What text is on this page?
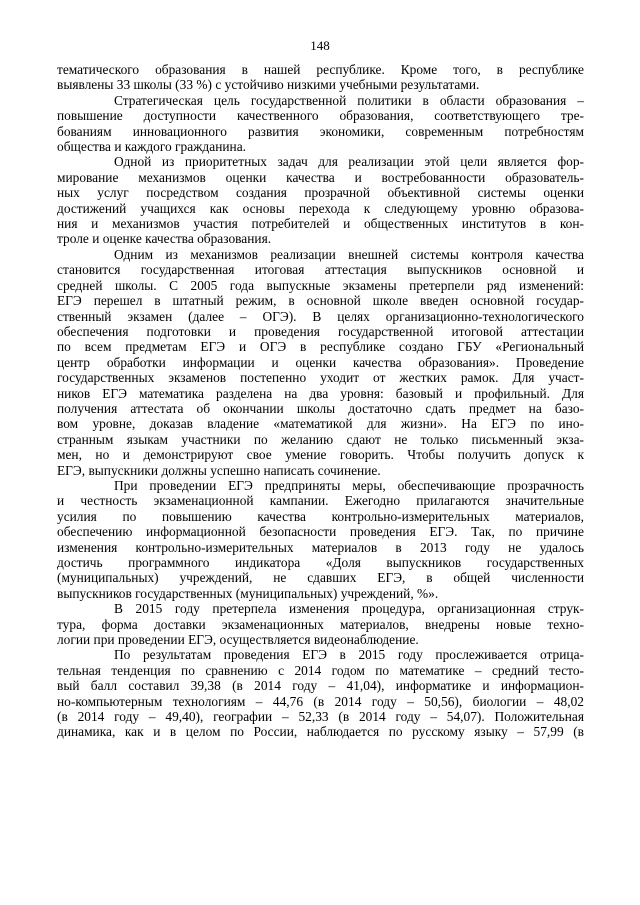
148

тематического образования в нашей республике. Кроме того, в республике
выявлены 33 школы (33 %) с устойчиво низкими учебными результатами.

Стратегическая цель государственной политики в области образования –
повышение доступности качественного образования, соответствующего тре-
бованиям инновационного развития экономики, современным потребностям
общества и каждого гражданина.

Одной из приоритетных задач для реализации этой цели является фор-
мирование механизмов оценки качества и востребованности образователь-
ных услуг посредством создания прозрачной объективной системы оценки
достижений учащихся как основы перехода к следующему уровню образова-
ния и механизмов участия потребителей и общественных институтов в кон-
троле и оценке качества образования.

Одним из механизмов реализации внешней системы контроля качества
становится государственная итоговая аттестация выпускников основной и
средней школы. С 2005 года выпускные экзамены претерпели ряд изменений:
ЕГЭ перешел в штатный режим, в основной школе введен основной государ-
ственный экзамен (далее – ОГЭ). В целях организационно-технологического
обеспечения подготовки и проведения государственной итоговой аттестации
по всем предметам ЕГЭ и ОГЭ в республике создано ГБУ «Региональный
центр обработки информации и оценки качества образования». Проведение
государственных экзаменов постепенно уходит от жестких рамок. Для участ-
ников ЕГЭ математика разделена на два уровня: базовый и профильный. Для
получения аттестата об окончании школы достаточно сдать предмет на базо-
вом уровне, доказав владение «математикой для жизни». На ЕГЭ по ино-
странным языкам участники по желанию сдают не только письменный экза-
мен, но и демонстрируют свое умение говорить. Чтобы получить допуск к
ЕГЭ, выпускники должны успешно написать сочинение.

При проведении ЕГЭ предприняты меры, обеспечивающие прозрачность
и честность экзаменационной кампании. Ежегодно прилагаются значительные
усилия по повышению качества контрольно-измерительных материалов,
обеспечению информационной безопасности проведения ЕГЭ. Так, по причине
изменения контрольно-измерительных материалов в 2013 году не удалось
достичь программного индикатора «Доля выпускников государственных
(муниципальных) учреждений, не сдавших ЕГЭ, в общей численности
выпускников государственных (муниципальных) учреждений, %».

В 2015 году претерпела изменения процедура, организационная струк-
тура, форма доставки экзаменационных материалов, внедрены новые техно-
логии при проведении ЕГЭ, осуществляется видеонаблюдение.

По результатам проведения ЕГЭ в 2015 году прослеживается отрица-
тельная тенденция по сравнению с 2014 годом по математике – средний тесто-
вый балл составил 39,38 (в 2014 году – 41,04), информатике и информацион-
но-компьютерным технологиям – 44,76 (в 2014 году – 50,56), биологии – 48,02
(в 2014 году – 49,40), географии – 52,33 (в 2014 году – 54,07). Положительная
динамика, как и в целом по России, наблюдается по русскому языку – 57,99 (в
